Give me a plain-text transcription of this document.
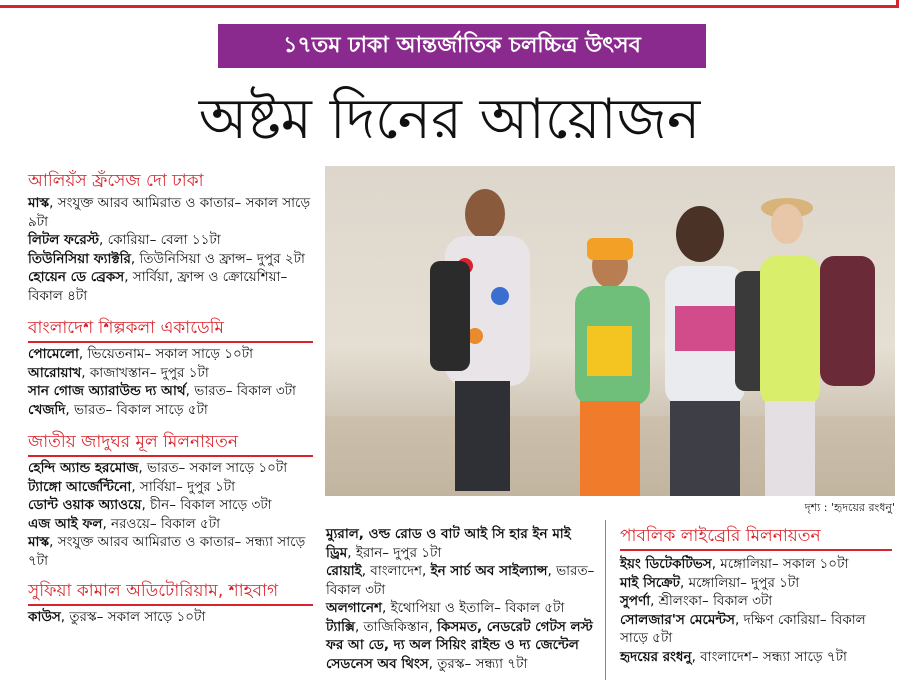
১৭তম ঢাকা আন্তর্জাতিক চলচ্চিত্র উৎসব
অষ্টম দিনের আয়োজন
আলিয়ঁস ফ্রঁসেজ দো ঢাকা
মাস্ক, সংযুক্ত আরব আমিরাত ও কাতার– সকাল সাড়ে ৯টা
লিটল ফরেস্ট, কোরিয়া– বেলা ১১টা
তিউনিসিয়া ফ্যাক্টরি, তিউনিসিয়া ও ফ্রান্স– দুপুর ২টা
হোয়েন ডে ব্রেকস, সার্বিয়া, ফ্রান্স ও ক্রোয়েশিয়া– বিকাল ৪টা
বাংলাদেশ শিল্পকলা একাডেমি
পোমেলো, ভিয়েতনাম– সকাল সাড়ে ১০টা
আরোয়াখ, কাজাখস্তান– দুপুর ১টা
সান গোজ অ্যারাউন্ড দ্য আর্থ, ভারত– বিকাল ৩টা
খেজদি, ভারত– বিকাল সাড়ে ৫টা
জাতীয় জাদুঘর মূল মিলনায়তন
হেন্দি অ্যান্ড হরমোজ, ভারত– সকাল সাড়ে ১০টা
ট্যাঙ্গো আর্জেন্টিনো, সার্বিয়া– দুপুর ১টা
ডোন্ট ওয়াক অ্যাওয়ে, চীন– বিকাল সাড়ে ৩টা
এজ আই ফল, নরওয়ে– বিকাল ৫টা
মাস্ক, সংযুক্ত আরব আমিরাত ও কাতার– সন্ধ্যা সাড়ে ৭টা
সুফিয়া কামাল অডিটোরিয়াম, শাহবাগ
কাউস, তুরস্ক– সকাল সাড়ে ১০টা
দৃশ্য : 'হৃদয়ের রংধনু'
ম্যুরাল, ওল্ড রোড ও বাট আই সি হার ইন মাই ড্রিম, ইরান– দুপুর ১টা
রোয়াই, বাংলাদেশ, ইন সার্চ অব সাইল্যান্স, ভারত– বিকাল ৩টা
অলগানেশ, ইথোপিয়া ও ইতালি– বিকাল ৫টা
ট্যাক্সি, তাজিকিস্তান, কিসমত, নেডরেট গেটস লস্ট ফর আ ডে, দ্য অল সিয়িং রাইন্ড ও দ্য জেন্টেল সেডনেস অব থিংস, তুরস্ক– সন্ধ্যা ৭টা
পাবলিক লাইব্রেরি মিলনায়তন
ইয়ং ডিটেকটিভস, মঙ্গোলিয়া– সকাল ১০টা
মাই সিক্রেট, মঙ্গোলিয়া– দুপুর ১টা
সুপর্ণা, শ্রীলংকা– বিকাল ৩টা
সোলজার'স মেমেন্টস, দক্ষিণ কোরিয়া– বিকাল সাড়ে ৫টা
হৃদয়ের রংধনু, বাংলাদেশ– সন্ধ্যা সাড়ে ৭টা
